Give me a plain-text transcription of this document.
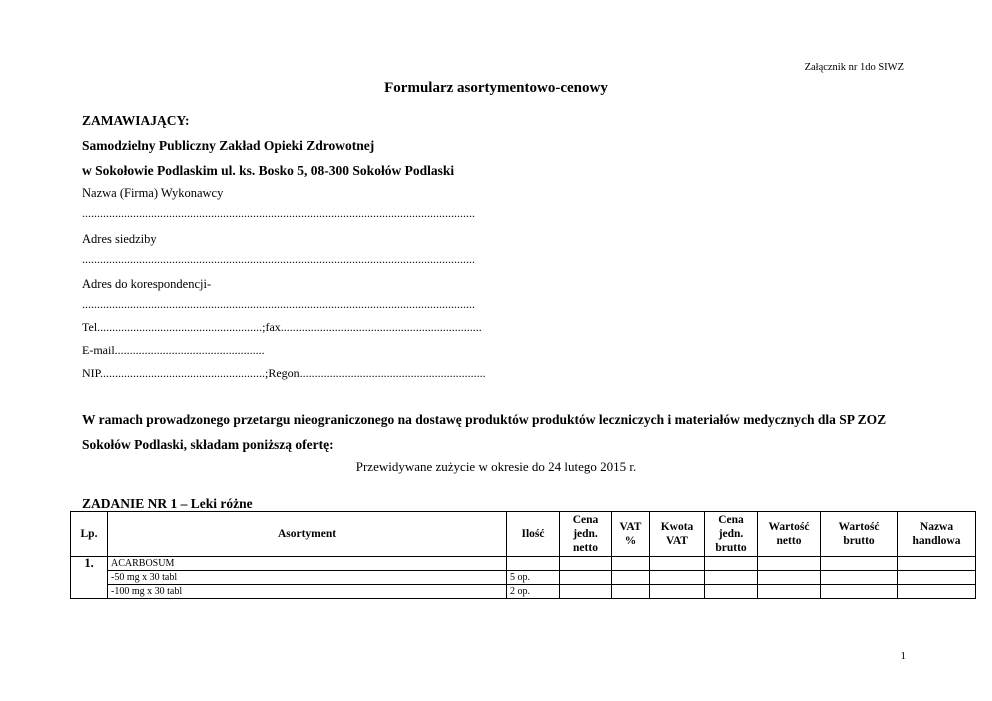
Załącznik nr 1do SIWZ
Formularz asortymentowo-cenowy
ZAMAWIAJĄCY:
Samodzielny Publiczny Zakład Opieki Zdrowotnej
w Sokołowie Podlaskim ul. ks. Bosko 5, 08-300 Sokołów Podlaski
Nazwa (Firma) Wykonawcy
...................................................................................................................................
Adres siedziby
...................................................................................................................................
Adres do korespondencji-
...................................................................................................................................
Tel.......................................................;fax...................................................................
E-mail..................................................
NIP.......................................................;Regon..............................................................
W ramach prowadzonego przetargu nieograniczonego na dostawę produktów produktów leczniczych i materiałów medycznych dla SP ZOZ Sokołów Podlaski, składam poniższą ofertę:
Przewidywane zużycie w okresie do 24 lutego 2015 r.
ZADANIE NR 1 – Leki różne
Lp.	Asortyment	Ilość	Cena jedn. netto	VAT %	Kwota VAT	Cena jedn. brutto	Wartość netto	Wartość brutto	Nazwa handlowa
1.	ACARBOSUM								
	-50 mg x 30 tabl	5 op.							
	-100 mg x 30 tabl	2 op.							
1
